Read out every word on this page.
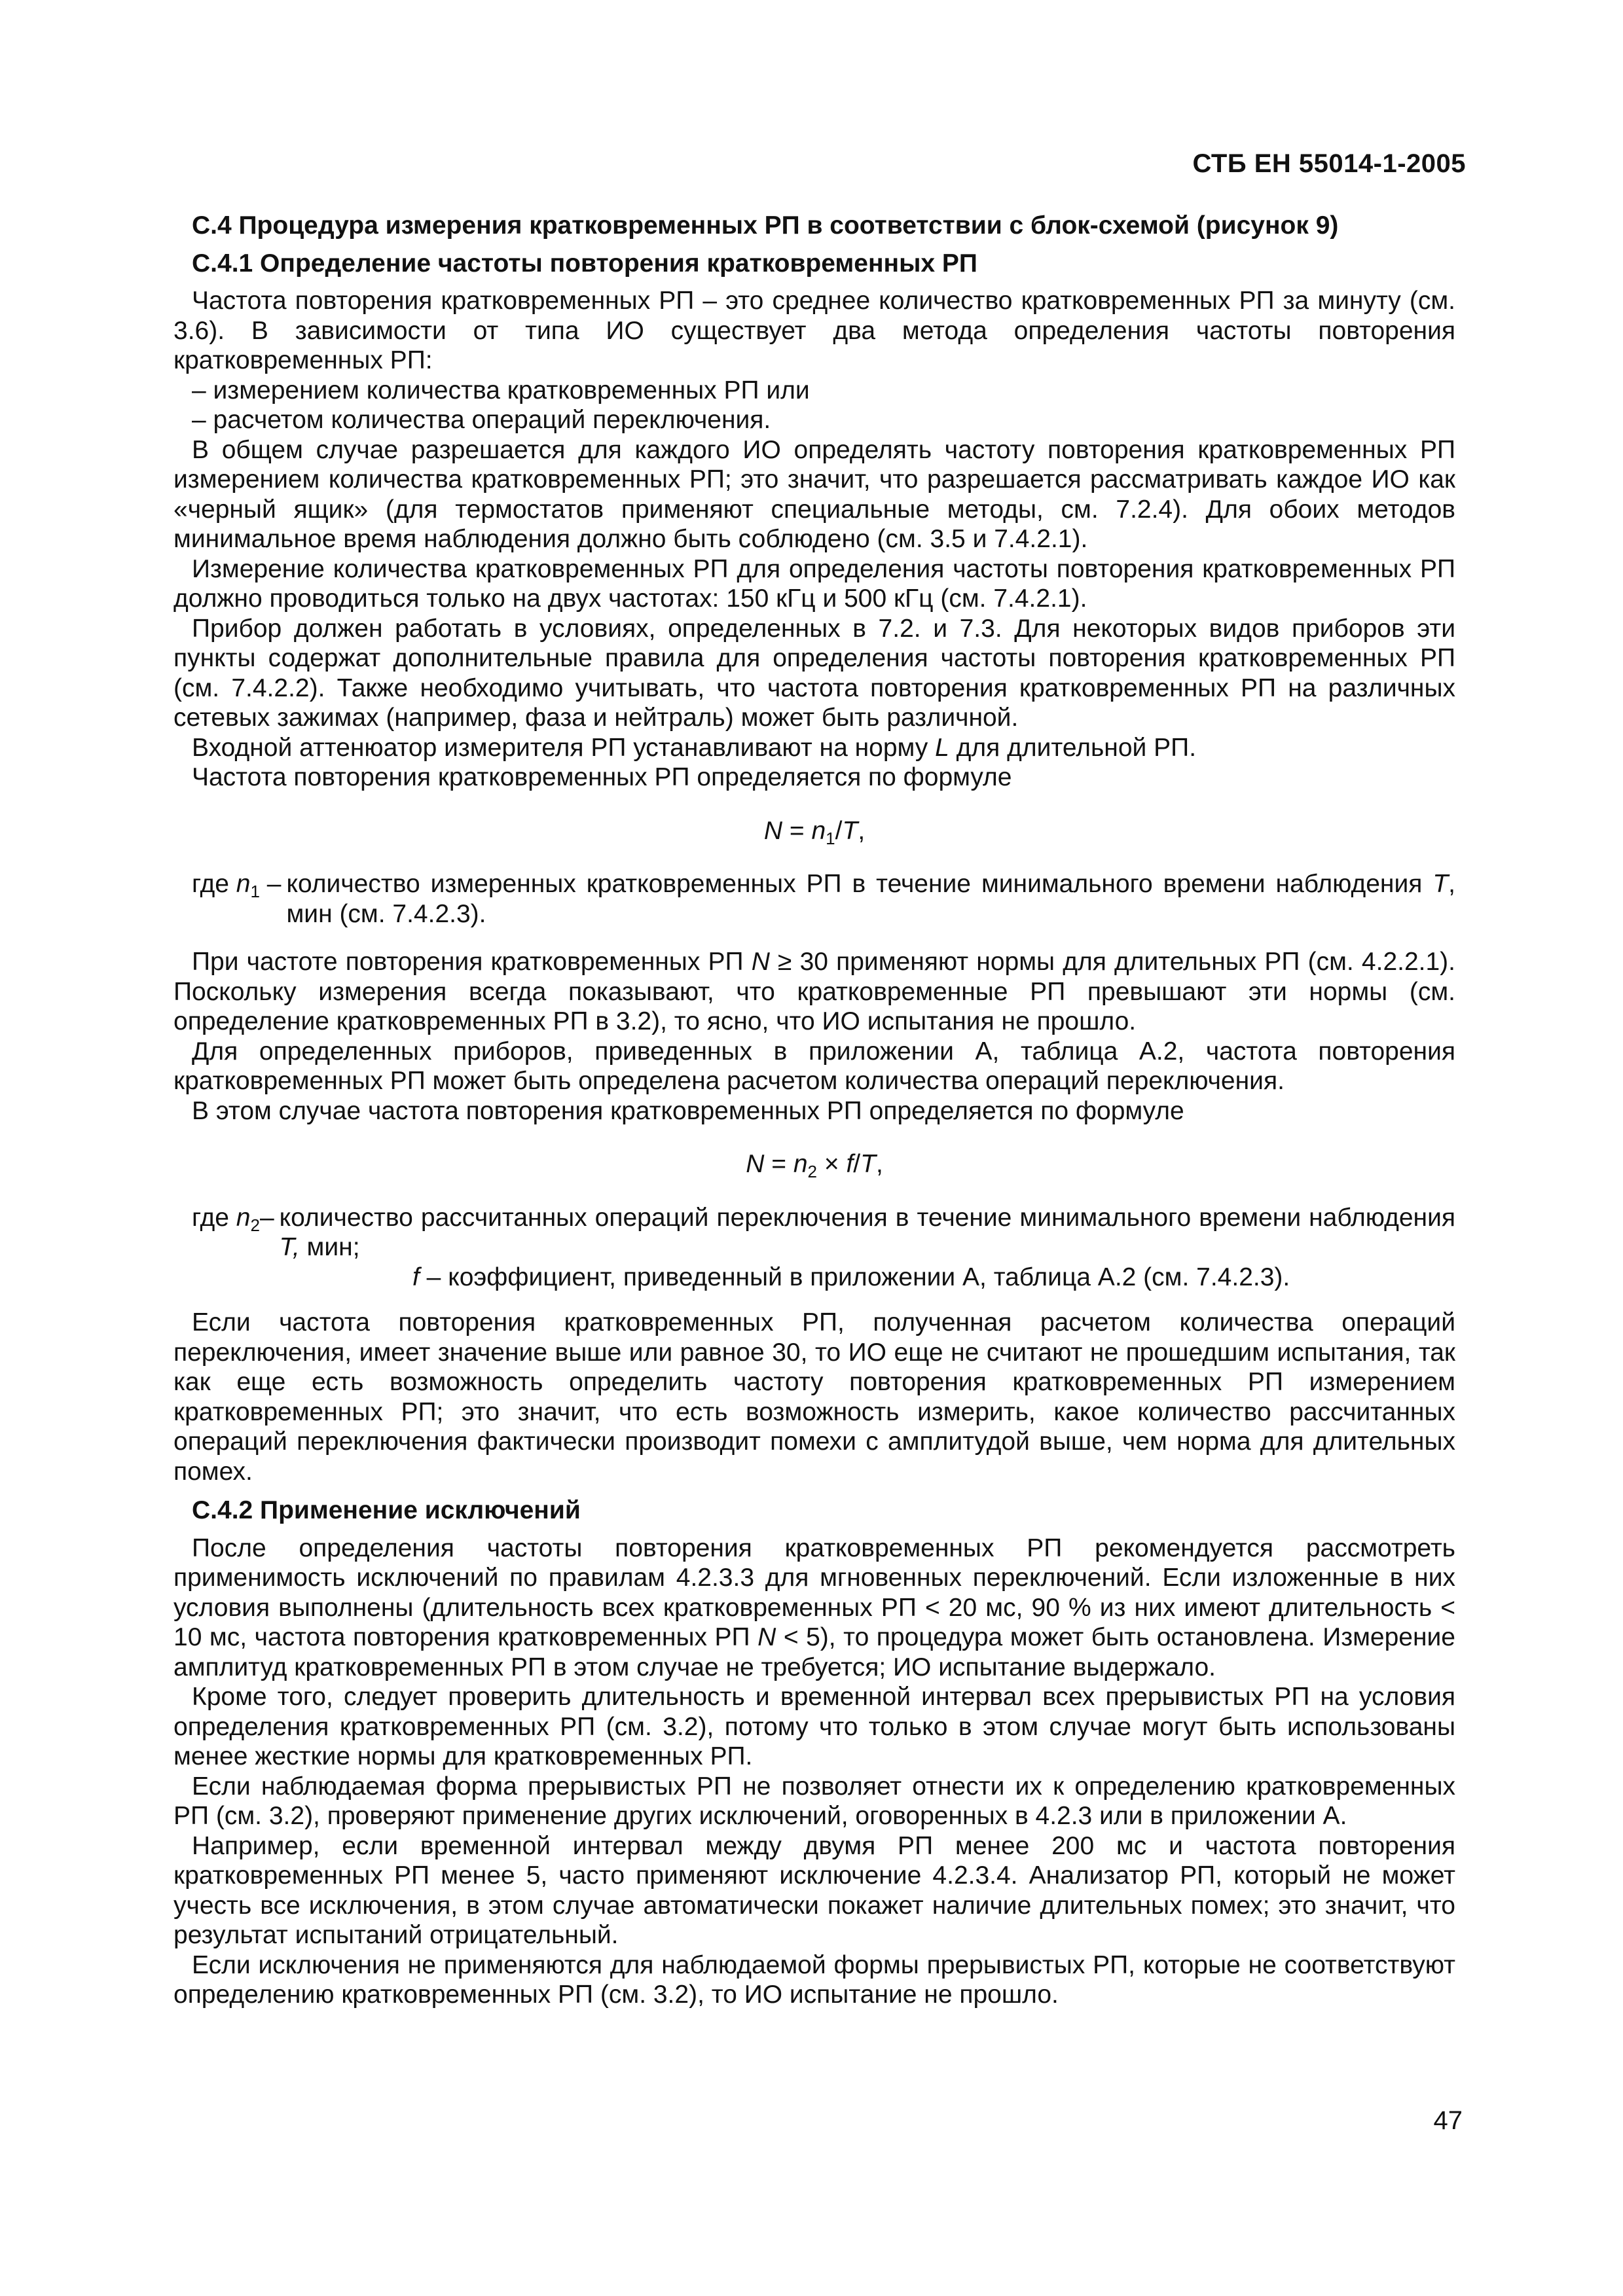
СТБ ЕН 55014-1-2005
С.4 Процедура измерения кратковременных РП в соответствии с блок-схемой (рисунок 9)
С.4.1 Определение частоты повторения кратковременных РП

Частота повторения кратковременных РП – это среднее количество кратковременных РП за минуту (см. 3.6). В зависимости от типа ИО существует два метода определения частоты повторения кратковременных РП:

– измерением количества кратковременных РП или

– расчетом количества операций переключения.

В общем случае разрешается для каждого ИО определять частоту повторения кратковременных РП измерением количества кратковременных РП; это значит, что разрешается рассматривать каждое ИО как «черный ящик» (для термостатов применяют специальные методы, см. 7.2.4). Для обоих методов минимальное время наблюдения должно быть соблюдено (см. 3.5 и 7.4.2.1).

Измерение количества кратковременных РП для определения частоты повторения кратковременных РП должно проводиться только на двух частотах: 150 кГц и 500 кГц (см. 7.4.2.1).

Прибор должен работать в условиях, определенных в 7.2. и 7.3. Для некоторых видов приборов эти пункты содержат дополнительные правила для определения частоты повторения кратковременных РП (см. 7.4.2.2). Также необходимо учитывать, что частота повторения кратковременных РП на различных сетевых зажимах (например, фаза и нейтраль) может быть различной.

Входной аттенюатор измерителя РП устанавливают на норму L для длительной РП.

Частота повторения кратковременных РП определяется по формуле

$N = n_1/T$,
где $n_1$ – количество измеренных кратковременных РП в течение минимального времени наблюдения T, мин (см. 7.4.2.3).

При частоте повторения кратковременных РП N ≥ 30 применяют нормы для длительных РП (см. 4.2.2.1). Поскольку измерения всегда показывают, что кратковременные РП превышают эти нормы (см. определение кратковременных РП в 3.2), то ясно, что ИО испытания не прошло.

Для определенных приборов, приведенных в приложении А, таблица А.2, частота повторения кратковременных РП может быть определена расчетом количества операций переключения.

В этом случае частота повторения кратковременных РП определяется по формуле

$N = n_2 \times f/T$,
где $n_2-$ количество рассчитанных операций переключения в течение минимального времени наблюдения T, мин;
f – коэффициент, приведенный в приложении А, таблица А.2 (см. 7.4.2.3).

Если частота повторения кратковременных РП, полученная расчетом количества операций переключения, имеет значение выше или равное 30, то ИО еще не считают не прошедшим испытания, так как еще есть возможность определить частоту повторения кратковременных РП измерением кратковременных РП; это значит, что есть возможность измерить, какое количество рассчитанных операций переключения фактически производит помехи с амплитудой выше, чем норма для длительных помех.

С.4.2 Применение исключений

После определения частоты повторения кратковременных РП рекомендуется рассмотреть применимость исключений по правилам 4.2.3.3 для мгновенных переключений. Если изложенные в них условия выполнены (длительность всех кратковременных РП < 20 мс, 90 % из них имеют длительность < 10 мс, частота повторения кратковременных РП N < 5), то процедура может быть остановлена. Измерение амплитуд кратковременных РП в этом случае не требуется; ИО испытание выдержало.

Кроме того, следует проверить длительность и временной интервал всех прерывистых РП на условия определения кратковременных РП (см. 3.2), потому что только в этом случае могут быть использованы менее жесткие нормы для кратковременных РП.

Если наблюдаемая форма прерывистых РП не позволяет отнести их к определению кратковременных РП (см. 3.2), проверяют применение других исключений, оговоренных в 4.2.3 или в приложении А.

Например, если временной интервал между двумя РП менее 200 мс и частота повторения кратковременных РП менее 5, часто применяют исключение 4.2.3.4. Анализатор РП, который не может учесть все исключения, в этом случае автоматически покажет наличие длительных помех; это значит, что результат испытаний отрицательный.

Если исключения не применяются для наблюдаемой формы прерывистых РП, которые не соответствуют определению кратковременных РП (см. 3.2), то ИО испытание не прошло.

47
